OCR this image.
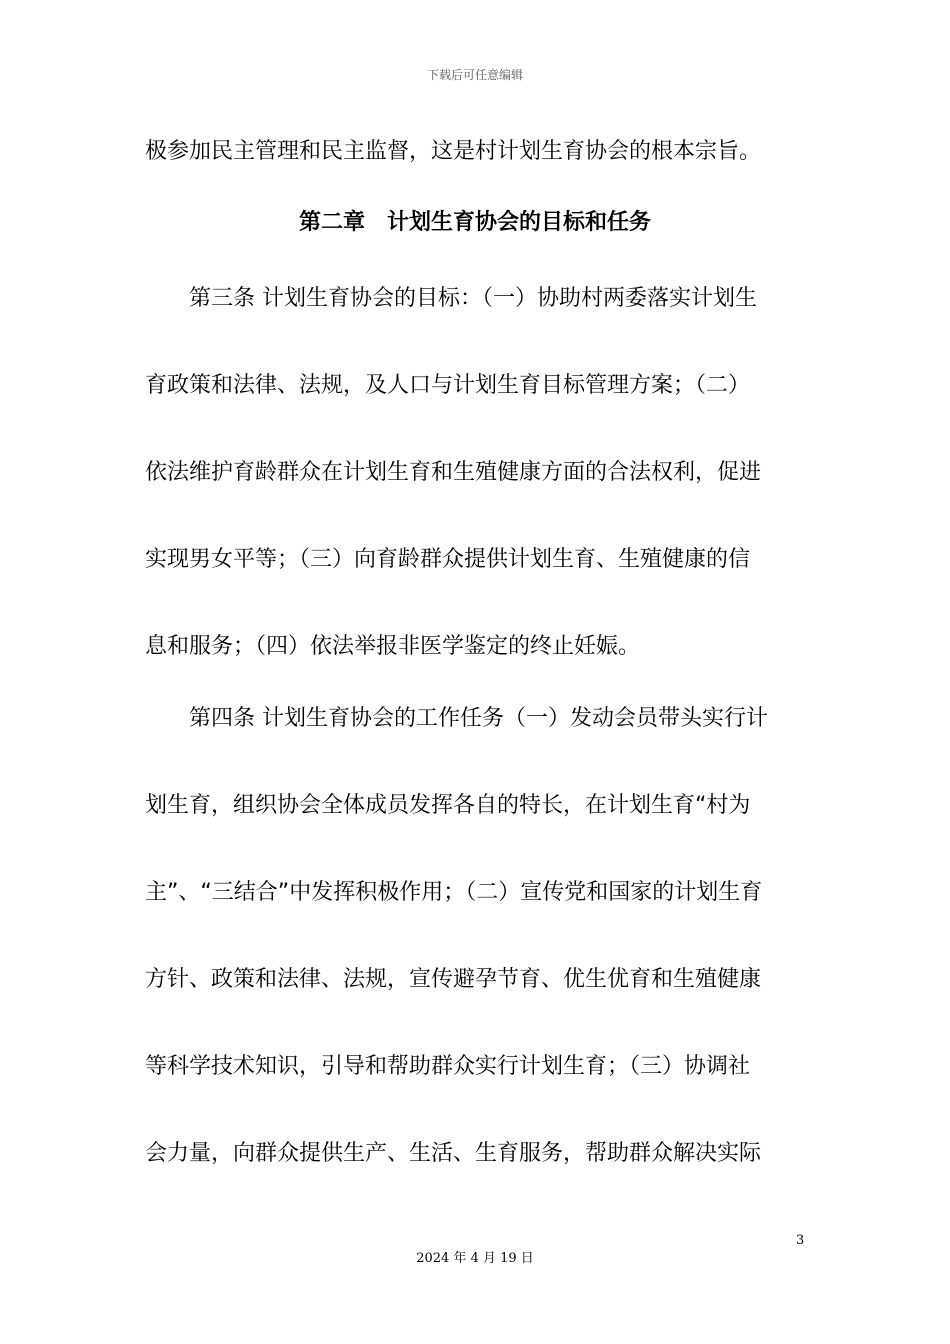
下载后可任意编辑
极参加民主管理和民主监督，这是村计划生育协会的根本宗旨。
第二章　计划生育协会的目标和任务
第三条 计划生育协会的目标：（一）协助村两委落实计划生
育政策和法律、法规，及人口与计划生育目标管理方案；（二）
依法维护育龄群众在计划生育和生殖健康方面的合法权利，促进
实现男女平等；（三）向育龄群众提供计划生育、生殖健康的信
息和服务；（四）依法举报非医学鉴定的终止妊娠。
第四条 计划生育协会的工作任务（一）发动会员带头实行计
划生育，组织协会全体成员发挥各自的特长，在计划生育“村为
主”、“三结合”中发挥积极作用；（二）宣传党和国家的计划生育
方针、政策和法律、法规，宣传避孕节育、优生优育和生殖健康
等科学技术知识，引导和帮助群众实行计划生育；（三）协调社
会力量，向群众提供生产、生活、生育服务，帮助群众解决实际
3
2024 年 4 月 19 日
